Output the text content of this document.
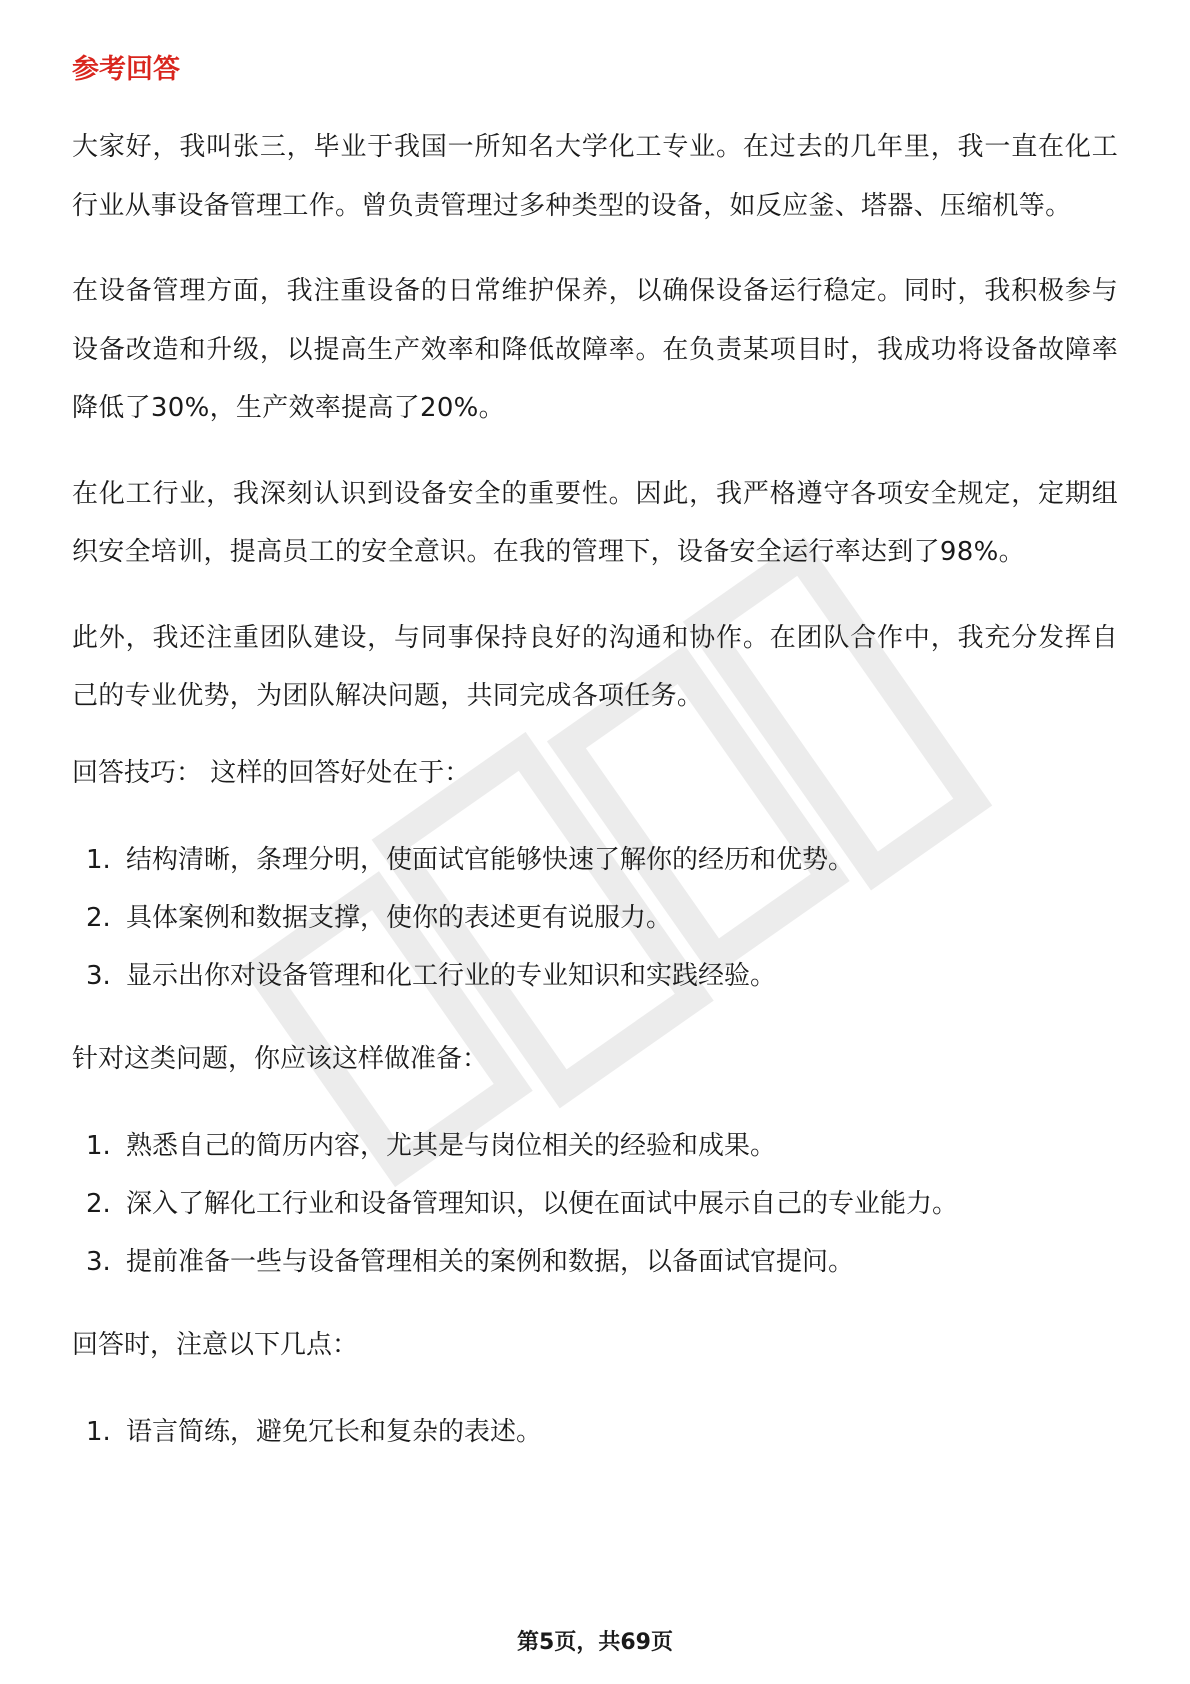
参考回答

大家好，我叫张三，毕业于我国一所知名大学化工专业。在过去的几年里，我一直在化工行业从事设备管理工作。曾负责管理过多种类型的设备，如反应釜、塔器、压缩机等。

在设备管理方面，我注重设备的日常维护保养，以确保设备运行稳定。同时，我积极参与设备改造和升级，以提高生产效率和降低故障率。在负责某项目时，我成功将设备故障率降低了30%，生产效率提高了20%。

在化工行业，我深刻认识到设备安全的重要性。因此，我严格遵守各项安全规定，定期组织安全培训，提高员工的安全意识。在我的管理下，设备安全运行率达到了98%。

此外，我还注重团队建设，与同事保持良好的沟通和协作。在团队合作中，我充分发挥自己的专业优势，为团队解决问题，共同完成各项任务。

回答技巧： 这样的回答好处在于：
1. 结构清晰，条理分明，使面试官能够快速了解你的经历和优势。
2. 具体案例和数据支撑，使你的表述更有说服力。
3. 显示出你对设备管理和化工行业的专业知识和实践经验。
针对这类问题，你应该这样做准备：
1. 熟悉自己的简历内容，尤其是与岗位相关的经验和成果。
2. 深入了解化工行业和设备管理知识，以便在面试中展示自己的专业能力。
3. 提前准备一些与设备管理相关的案例和数据，以备面试官提问。
回答时，注意以下几点：
1. 语言简练，避免冗长和复杂的表述。
第5页，共69页
